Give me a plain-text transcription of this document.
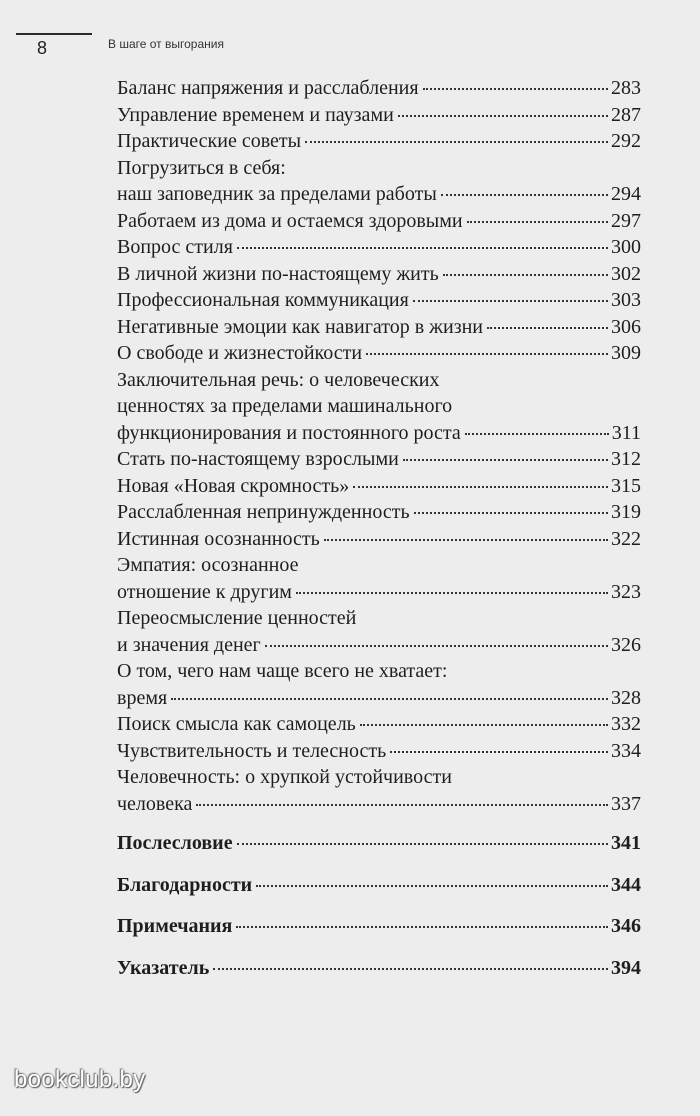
8	В шаге от выгорания
Баланс напряжения и расслабления	283
Управление временем и паузами	287
Практические советы	292
Погрузиться в себя:
наш заповедник за пределами работы	294
Работаем из дома и остаемся здоровыми	297
Вопрос стиля	300
В личной жизни по-настоящему жить	302
Профессиональная коммуникация	303
Негативные эмоции как навигатор в жизни	306
О свободе и жизнестойкости	309
Заключительная речь: о человеческих
ценностях за пределами машинального
функционирования и постоянного роста	311
Стать по-настоящему взрослыми	312
Новая «Новая скромность»	315
Расслабленная непринужденность	319
Истинная осознанность	322
Эмпатия: осознанное
отношение к другим	323
Переосмысление ценностей
и значения денег	326
О том, чего нам чаще всего не хватает:
время	328
Поиск смысла как самоцель	332
Чувствительность и телесность	334
Человечность: о хрупкой устойчивости
человека	337
Послесловие	341
Благодарности	344
Примечания	346
Указатель	394
bookclub.by
